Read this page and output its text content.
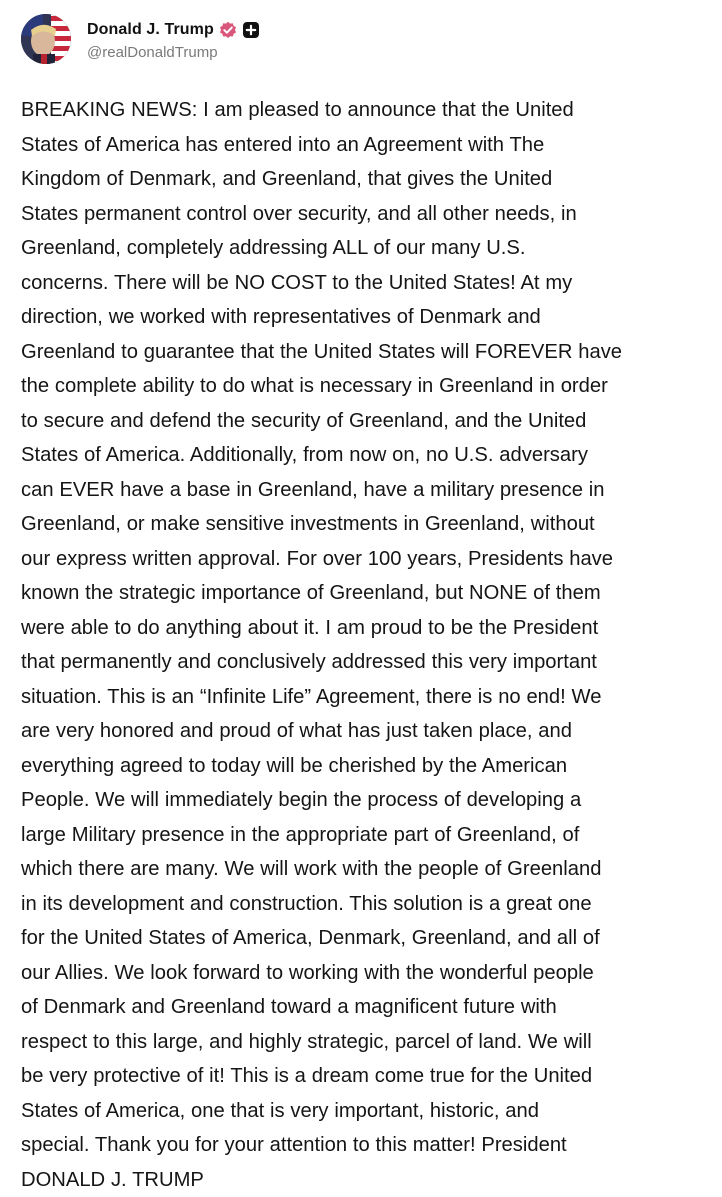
Donald J. Trump
@realDonaldTrump
BREAKING NEWS: I am pleased to announce that the United
States of America has entered into an Agreement with The
Kingdom of Denmark, and Greenland, that gives the United
States permanent control over security, and all other needs, in
Greenland, completely addressing ALL of our many U.S.
concerns. There will be NO COST to the United States! At my
direction, we worked with representatives of Denmark and
Greenland to guarantee that the United States will FOREVER have
the complete ability to do what is necessary in Greenland in order
to secure and defend the security of Greenland, and the United
States of America. Additionally, from now on, no U.S. adversary
can EVER have a base in Greenland, have a military presence in
Greenland, or make sensitive investments in Greenland, without
our express written approval. For over 100 years, Presidents have
known the strategic importance of Greenland, but NONE of them
were able to do anything about it. I am proud to be the President
that permanently and conclusively addressed this very important
situation. This is an “Infinite Life” Agreement, there is no end! We
are very honored and proud of what has just taken place, and
everything agreed to today will be cherished by the American
People. We will immediately begin the process of developing a
large Military presence in the appropriate part of Greenland, of
which there are many. We will work with the people of Greenland
in its development and construction. This solution is a great one
for the United States of America, Denmark, Greenland, and all of
our Allies. We look forward to working with the wonderful people
of Denmark and Greenland toward a magnificent future with
respect to this large, and highly strategic, parcel of land. We will
be very protective of it! This is a dream come true for the United
States of America, one that is very important, historic, and
special. Thank you for your attention to this matter! President
DONALD J. TRUMP
